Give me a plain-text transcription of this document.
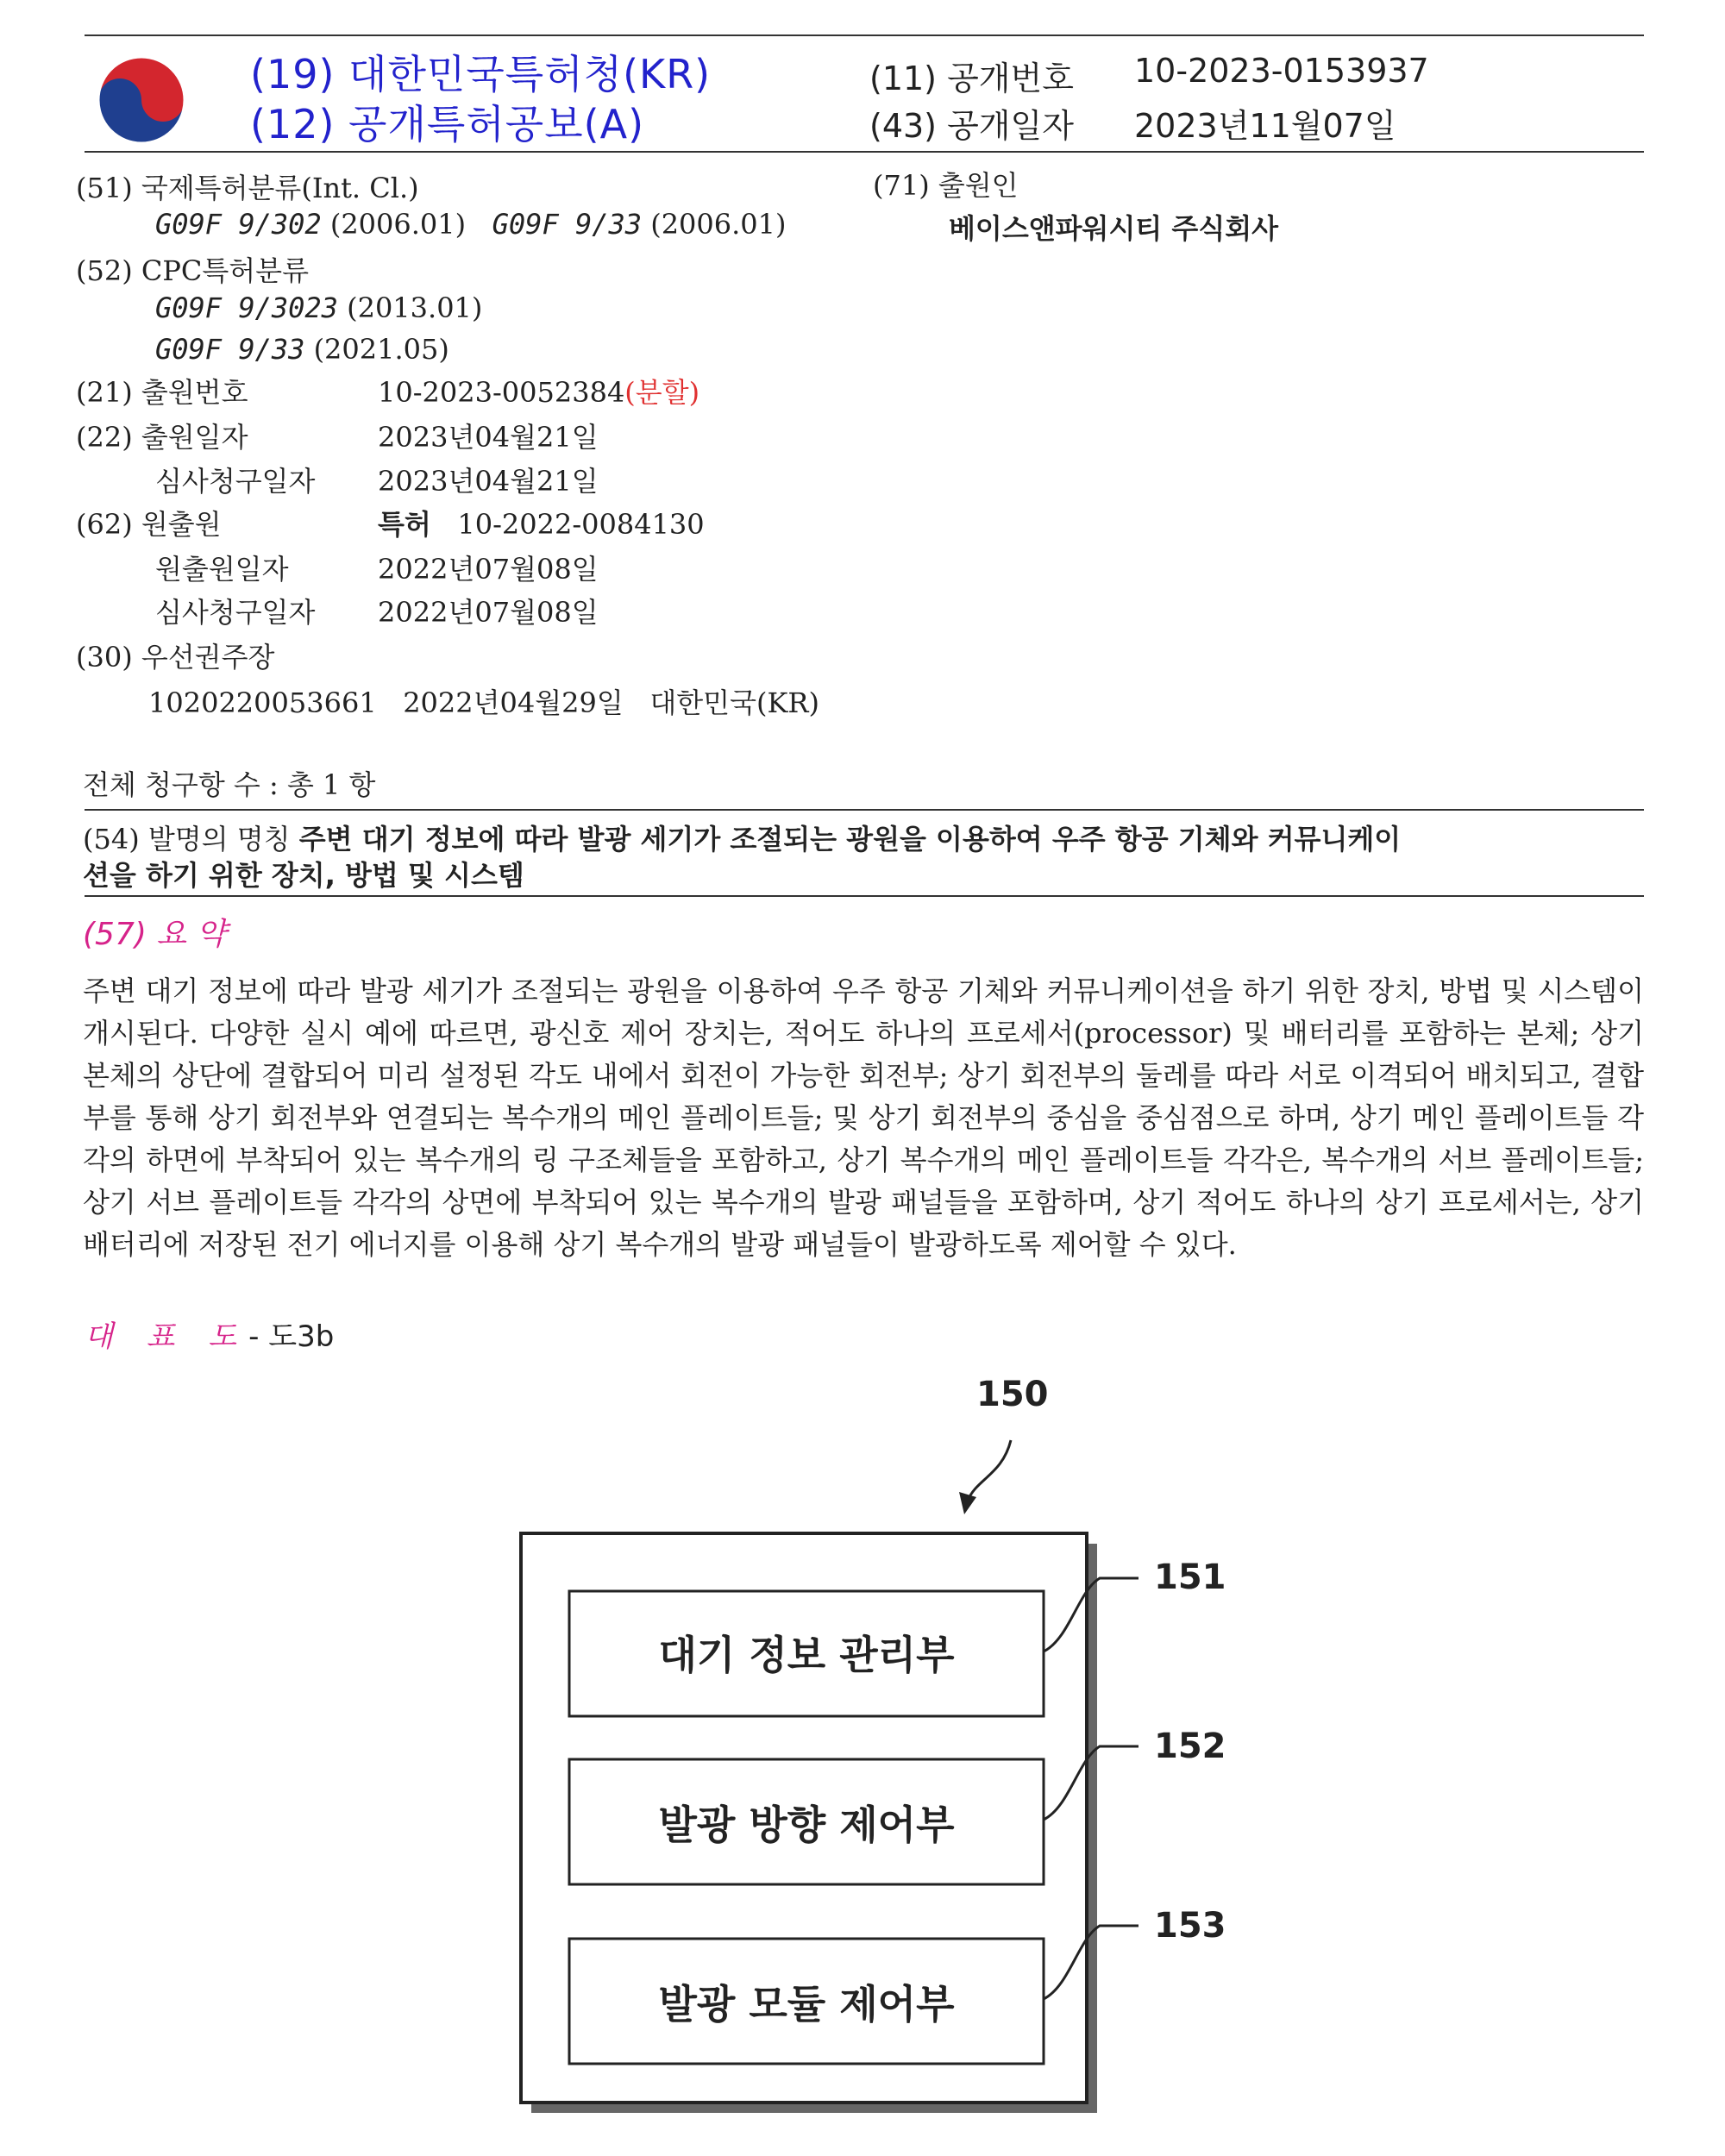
(19) 대한민국특허청(KR)
(12) 공개특허공보(A)
(11) 공개번호 10-2023-0153937
(43) 공개일자 2023년11월07일
(51) 국제특허분류(Int. Cl.)
G09F 9/302 (2006.01) G09F 9/33 (2006.01)
(52) CPC특허분류
G09F 9/3023 (2013.01)
G09F 9/33 (2021.05)
(21) 출원번호	10-2023-0052384(분할)
(22) 출원일자	2023년04월21일
심사청구일자 2023년04월21일
(62) 원출원	특허 10-2022-0084130
원출원일자	2022년07월08일
심사청구일자 2022년07월08일
(30) 우선권주장
1020220053661 2022년04월29일 대한민국(KR)
(71) 출원인
베이스앤파워시티 주식회사
전체 청구항 수 : 총 1 항
(54) 발명의 명칭 주변 대기 정보에 따라 발광 세기가 조절되는 광원을 이용하여 우주 항공 기체와 커뮤니케이
션을 하기 위한 장치, 방법 및 시스템
(57) 요 약
주변 대기 정보에 따라 발광 세기가 조절되는 광원을 이용하여 우주 항공 기체와 커뮤니케이션을 하기 위한 장치, 방법 및 시스템이 개시된다. 다양한 실시 예에 따르면, 광신호 제어 장치는, 적어도 하나의 프로세서(processor) 및 배터리를 포함하는 본체; 상기 본체의 상단에 결합되어 미리 설정된 각도 내에서 회전이 가능한 회전부; 상기 회전부의 둘레를 따라 서로 이격되어 배치되고, 결합부를 통해 상기 회전부와 연결되는 복수개의 메인 플레이트들; 및 상기 회전부의 중심을 중심점으로 하며, 상기 메인 플레이트들 각각의 하면에 부착되어 있는 복수개의 링 구조체들을 포함하고, 상기 복수개의 메인 플레이트들 각각은, 복수개의 서브 플레이트들; 상기 서브 플레이트들 각각의 상면에 부착되어 있는 복수개의 발광 패널들을 포함하며, 상기 적어도 하나의 상기 프로세서는, 상기 배터리에 저장된 전기 에너지를 이용해 상기 복수개의 발광 패널들이 발광하도록 제어할 수 있다.
대 표 도- 도3b
150
대기 정보 관리부
151
발광 방향 제어부
152
발광 모듈 제어부
153
